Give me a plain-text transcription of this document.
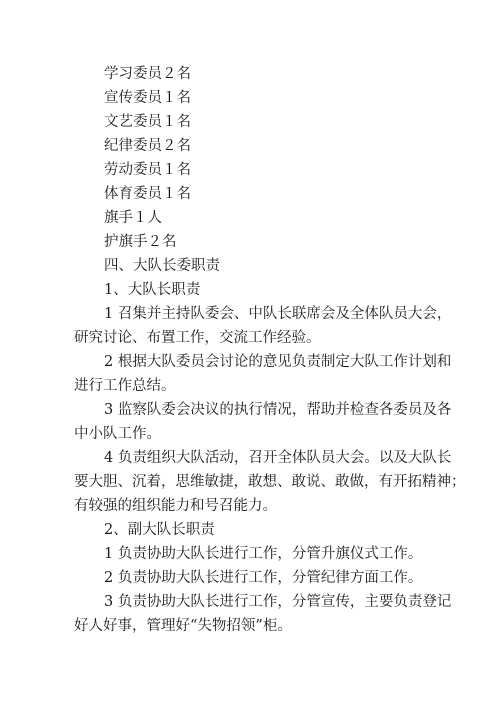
学习委员２名
宣传委员１名
文艺委员１名
纪律委员２名
劳动委员１名
体育委员１名
旗手１人
护旗手２名
四、大队长委职责
1、大队长职责
1 召集并主持队委会、中队长联席会及全体队员大会，
研究讨论、布置工作，交流工作经验。
2 根据大队委员会讨论的意见负责制定大队工作计划和
进行工作总结。
3 监察队委会决议的执行情况，帮助并检查各委员及各
中小队工作。
4 负责组织大队活动，召开全体队员大会。以及大队长
要大胆、沉着，思维敏捷，敢想、敢说、敢做，有开拓精神；
有较强的组织能力和号召能力。
2、副大队长职责
1 负责协助大队长进行工作，分管升旗仪式工作。
2 负责协助大队长进行工作，分管纪律方面工作。
3 负责协助大队长进行工作，分管宣传，主要负责登记
好人好事，管理好“失物招领”柜。
